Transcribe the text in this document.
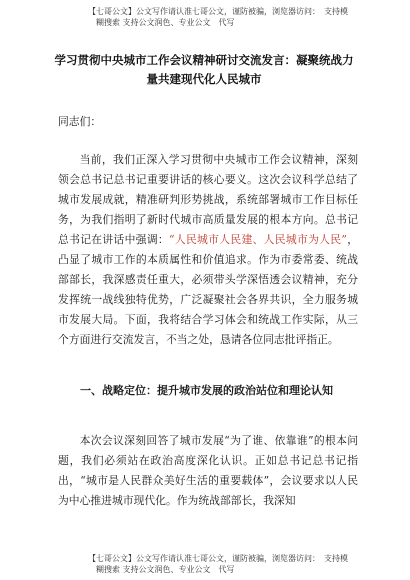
【七哥公文】公文写作请认准七哥公文，谨防被骗，浏览器访问：　支持模
糊搜索 支持公文润色、专业公文　代写
学习贯彻中央城市工作会议精神研讨交流发言：凝聚统战力量共建现代化人民城市

同志们：

当前，我们正深入学习贯彻中央城市工作会议精神，深刻领会总书记总书记重要讲话的核心要义。这次会议科学总结了城市发展成就，精准研判形势挑战，系统部署城市工作目标任务，为我们指明了新时代城市高质量发展的根本方向。总书记总书记在讲话中强调：“人民城市人民建、人民城市为人民”，凸显了城市工作的本质属性和价值追求。作为市委常委、统战部部长，我深感责任重大，必须带头学深悟透会议精神，充分发挥统一战线独特优势，广泛凝聚社会各界共识，全力服务城市发展大局。下面，我将结合学习体会和统战工作实际，从三个方面进行交流发言，不当之处，恳请各位同志批评指正。

一、战略定位：提升城市发展的政治站位和理论认知

本次会议深刻回答了城市发展“为了谁、依靠谁”的根本问题，我们必须站在政治高度深化认识。正如总书记总书记指出，“城市是人民群众美好生活的重要载体”，会议要求以人民为中心推进城市现代化。作为统战部部长，我深知

【七哥公文】公文写作请认准七哥公文，谨防被骗，浏览器访问：　支持模
糊搜索 支持公文润色、专业公文　代写
